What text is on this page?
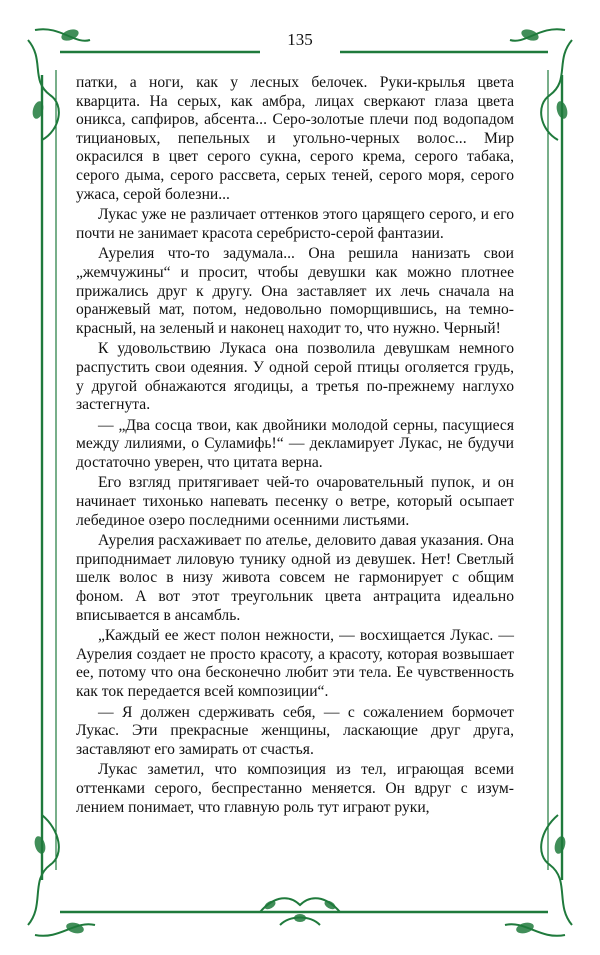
135

патки, а ноги, как у лесных белочек. Руки-крылья цвета кварцита. На серых, как амбра, лицах сверкают глаза цвета оникса, сапфиров, абсента... Серо-золотые плечи под водопадом тициановых, пепельных и угольно-черных волос... Мир окрасился в цвет серого сукна, серого крема, серого табака, серого дыма, серого рассвета, серых теней, серого моря, серого ужаса, серой болезни...

Лукас уже не различает оттенков этого царящего серого, и его почти не занимает красота серебристо-серой фантазии.

Аурелия что-то задумала... Она решила нанизать свои „жемчужины“ и просит, чтобы девушки как можно плотнее прижались друг к другу. Она заставляет их лечь сначала на оранжевый мат, потом, недовольно поморщившись, на темно-красный, на зеленый и наконец находит то, что нужно. Черный!

К удовольствию Лукаса она позволила девушкам немного распустить свои одеяния. У одной серой птицы оголяется грудь, у другой обнажаются ягодицы, а третья по-прежнему наглухо застегнута.

— „Два сосца твои, как двойники молодой серны, пасущиеся между лилиями, о Суламифь!“ — декламирует Лукас, не будучи достаточно уверен, что цитата верна.

Его взгляд притягивает чей-то очаровательный пупок, и он начинает тихонько напевать песенку о ветре, который осыпает лебединое озеро последними осенними листьями.

Аурелия расхаживает по ателье, деловито давая указания. Она приподнимает лиловую тунику одной из девушек. Нет! Светлый шелк волос в низу живота совсем не гармонирует с общим фоном. А вот этот треугольник цвета антрацита идеально вписывается в ансамбль.

„Каждый ее жест полон нежности, — восхищается Лукас. — Аурелия создает не просто красоту, а красоту, которая возвышает ее, потому что она бесконечно любит эти тела. Ее чувственность как ток передается всей композиции“.

— Я должен сдерживать себя, — с сожалением бормочет Лукас. Эти прекрасные женщины, ласкающие друг друга, заставляют его замирать от счастья.

Лукас заметил, что композиция из тел, играющая всеми оттенками серого, беспрестанно меняется. Он вдруг с изумлением понимает, что главную роль тут играют руки,
